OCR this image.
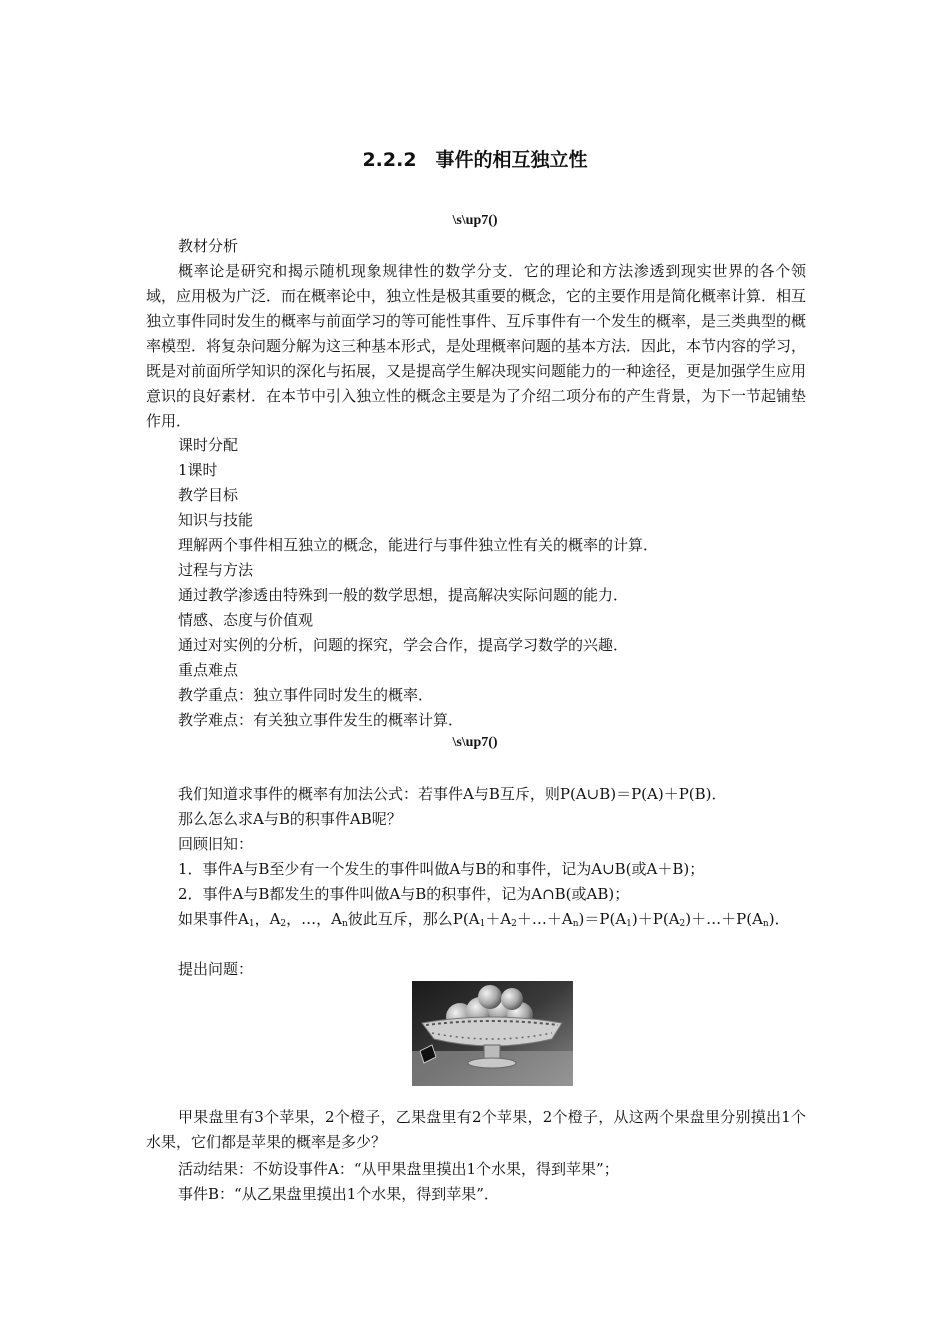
2.2.2　事件的相互独立性
\s\up7()
教材分析
概率论是研究和揭示随机现象规律性的数学分支．它的理论和方法渗透到现实世界的各个领域，应用极为广泛．而在概率论中，独立性是极其重要的概念，它的主要作用是简化概率计算．相互独立事件同时发生的概率与前面学习的等可能性事件、互斥事件有一个发生的概率，是三类典型的概率模型．将复杂问题分解为这三种基本形式，是处理概率问题的基本方法．因此，本节内容的学习，既是对前面所学知识的深化与拓展，又是提高学生解决现实问题能力的一种途径，更是加强学生应用意识的良好素材．在本节中引入独立性的概念主要是为了介绍二项分布的产生背景，为下一节起铺垫作用．
课时分配
1课时
教学目标
知识与技能
理解两个事件相互独立的概念，能进行与事件独立性有关的概率的计算．
过程与方法
通过教学渗透由特殊到一般的数学思想，提高解决实际问题的能力．
情感、态度与价值观
通过对实例的分析，问题的探究，学会合作，提高学习数学的兴趣．
重点难点
教学重点：独立事件同时发生的概率．
教学难点：有关独立事件发生的概率计算．
\s\up7()
我们知道求事件的概率有加法公式：若事件A与B互斥，则P(A∪B)＝P(A)＋P(B)．
那么怎么求A与B的积事件AB呢？
回顾旧知：
1．事件A与B至少有一个发生的事件叫做A与B的和事件，记为A∪B(或A＋B)；
2．事件A与B都发生的事件叫做A与B的积事件，记为A∩B(或AB)；
如果事件$A_1$，$A_2$，…，$A_n$彼此互斥，那么$P(A_1+A_2+\dots+A_n)=P(A_1)+P(A_2)+\dots+P(A_n)$．
提出问题：
甲果盘里有3个苹果，2个橙子，乙果盘里有2个苹果，2个橙子，从这两个果盘里分别摸出1个水果，它们都是苹果的概率是多少？
活动结果：不妨设事件A：“从甲果盘里摸出1个水果，得到苹果”；
事件B：“从乙果盘里摸出1个水果，得到苹果”．
